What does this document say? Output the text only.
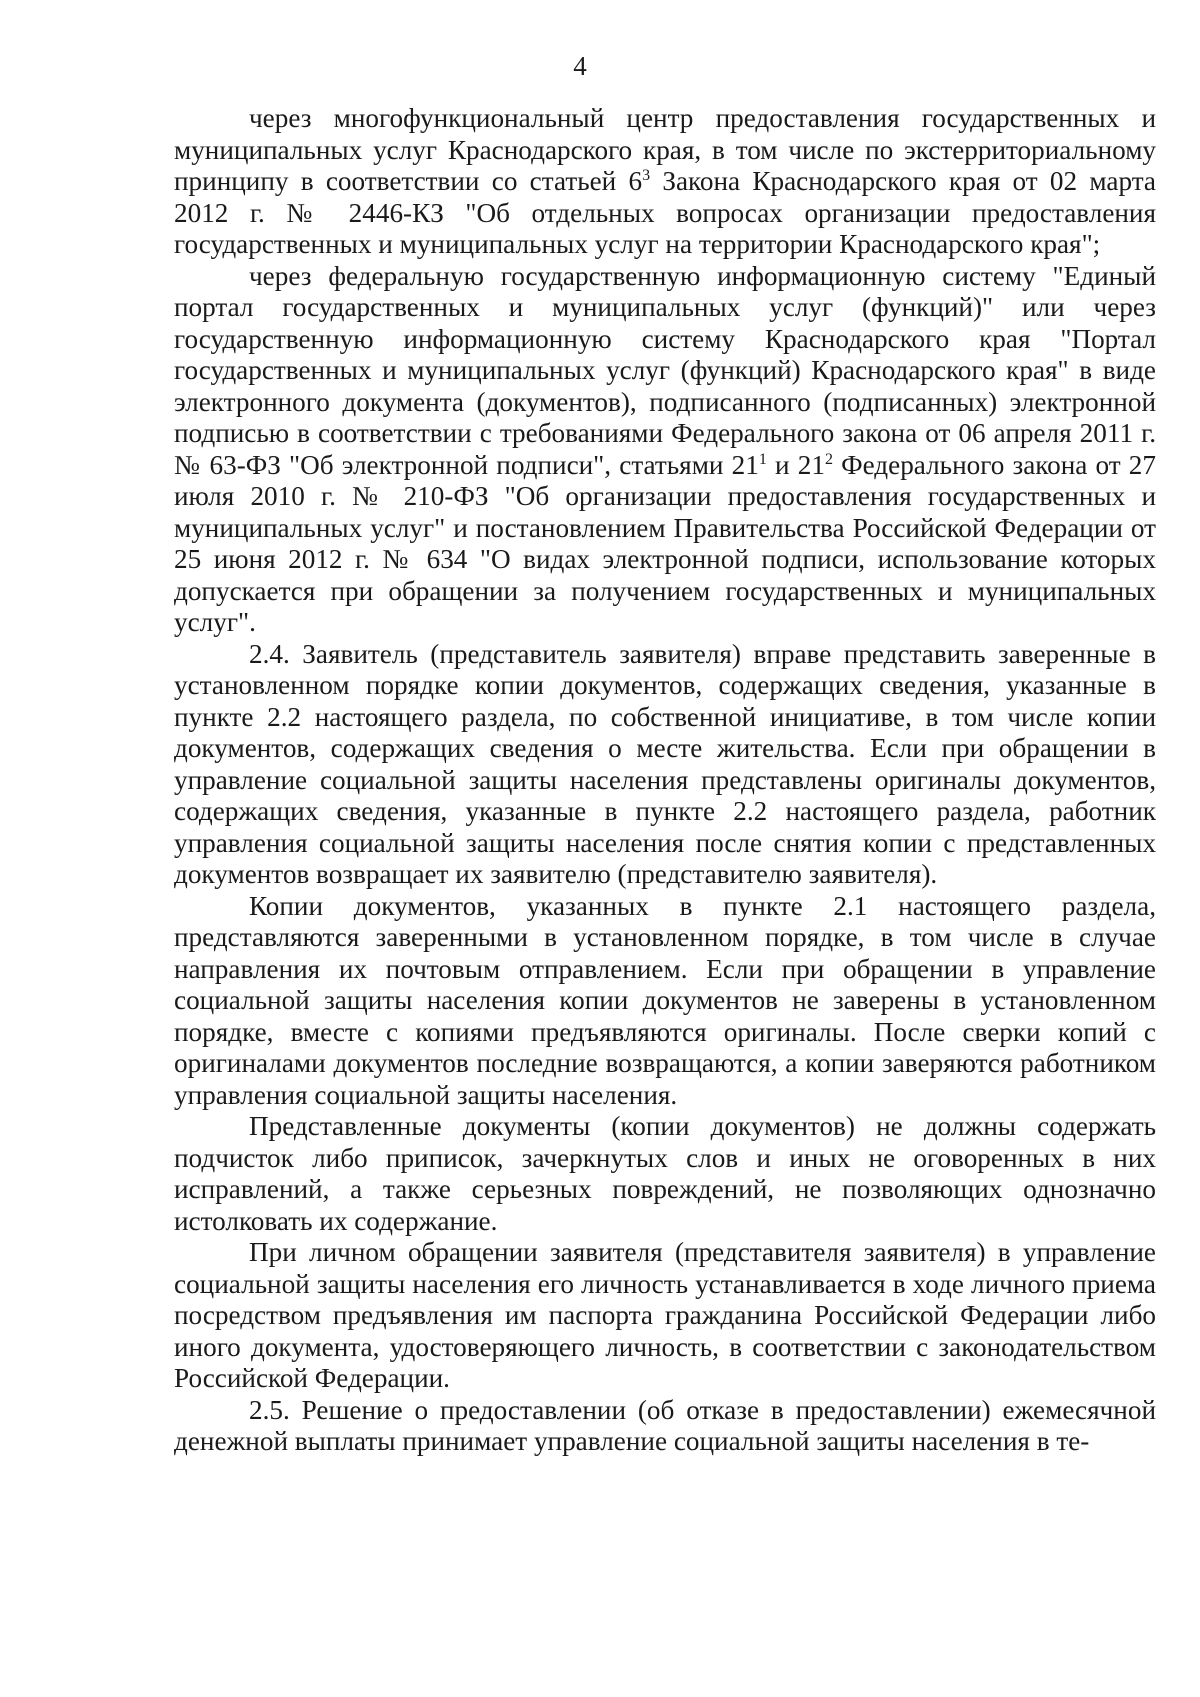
4

через многофункциональный центр предоставления государственных и муниципальных услуг Краснодарского края, в том числе по экстерриториальному принципу в соответствии со статьей $6^3$ Закона Краснодарского края от 02 марта 2012 г. № 2446-КЗ "Об отдельных вопросах организации предоставления государственных и муниципальных услуг на территории Краснодарского края";

через федеральную государственную информационную систему "Единый портал государственных и муниципальных услуг (функций)" или через государственную информационную систему Краснодарского края "Портал государственных и муниципальных услуг (функций) Краснодарского края" в виде электронного документа (документов), подписанного (подписанных) электронной подписью в соответствии с требованиями Федерального закона от 06 апреля 2011 г. № 63-ФЗ "Об электронной подписи", статьями $21^1$ и $21^2$ Федерального закона от 27 июля 2010 г. № 210-ФЗ "Об организации предоставления государственных и муниципальных услуг" и постановлением Правительства Российской Федерации от 25 июня 2012 г. № 634 "О видах электронной подписи, использование которых допускается при обращении за получением государственных и муниципальных услуг".

2.4. Заявитель (представитель заявителя) вправе представить заверенные в установленном порядке копии документов, содержащих сведения, указанные в пункте 2.2 настоящего раздела, по собственной инициативе, в том числе копии документов, содержащих сведения о месте жительства. Если при обращении в управление социальной защиты населения представлены оригиналы документов, содержащих сведения, указанные в пункте 2.2 настоящего раздела, работник управления социальной защиты населения после снятия копии с представленных документов возвращает их заявителю (представителю заявителя).

Копии документов, указанных в пункте 2.1 настоящего раздела, представляются заверенными в установленном порядке, в том числе в случае направления их почтовым отправлением. Если при обращении в управление социальной защиты населения копии документов не заверены в установленном порядке, вместе с копиями предъявляются оригиналы. После сверки копий с оригиналами документов последние возвращаются, а копии заверяются работником управления социальной защиты населения.

Представленные документы (копии документов) не должны содержать подчисток либо приписок, зачеркнутых слов и иных не оговоренных в них исправлений, а также серьезных повреждений, не позволяющих однозначно истолковать их содержание.

При личном обращении заявителя (представителя заявителя) в управление социальной защиты населения его личность устанавливается в ходе личного приема посредством предъявления им паспорта гражданина Российской Федерации либо иного документа, удостоверяющего личность, в соответствии с законодательством Российской Федерации.

2.5. Решение о предоставлении (об отказе в предоставлении) ежемесячной денежной выплаты принимает управление социальной защиты населения в те-
